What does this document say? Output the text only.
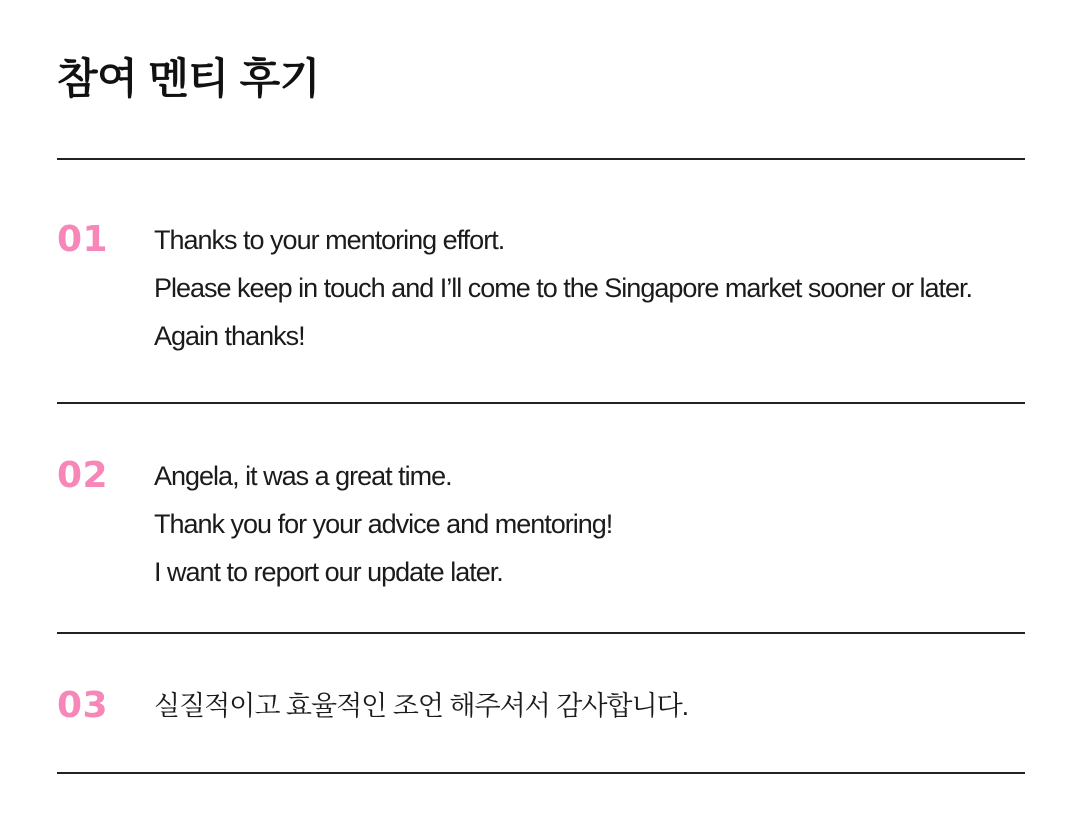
참여 멘티 후기
01	Thanks to your mentoring effort.
Please keep in touch and I’ll come to the Singapore market sooner or later.
Again thanks!
02	Angela, it was a great time.
Thank you for your advice and mentoring!
I want to report our update later.
03	실질적이고 효율적인 조언 해주셔서 감사합니다.
